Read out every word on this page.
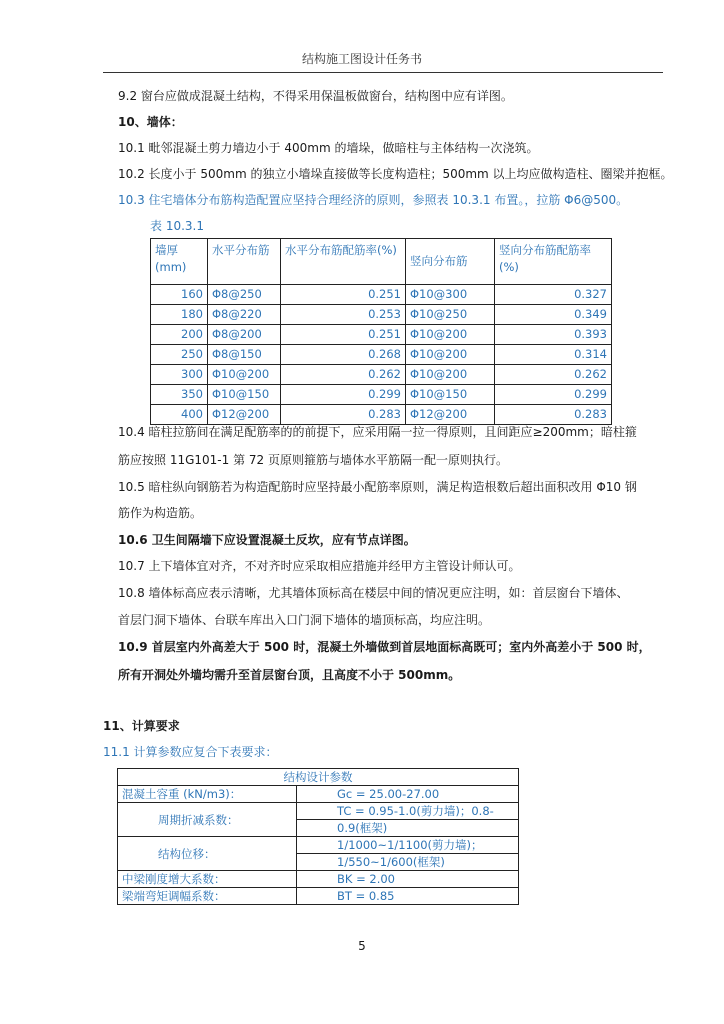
结构施工图设计任务书
9.2 窗台应做成混凝土结构，不得采用保温板做窗台，结构图中应有详图。
10、墙体：
10.1 毗邻混凝土剪力墙边小于 400mm 的墙垛，做暗柱与主体结构一次浇筑。
10.2 长度小于 500mm 的独立小墙垛直接做等长度构造柱；500mm 以上均应做构造柱、圈梁并抱框。
10.3 住宅墙体分布筋构造配置应坚持合理经济的原则，参照表 10.3.1 布置。，拉筋 Φ6@500。
表 10.3.1
墙厚(mm)	水平分布筋	水平分布筋配筋率(%)	竖向分布筋	竖向分布筋配筋率(%)
160	Φ8@250	0.251	Φ10@300	0.327
180	Φ8@220	0.253	Φ10@250	0.349
200	Φ8@200	0.251	Φ10@200	0.393
250	Φ8@150	0.268	Φ10@200	0.314
300	Φ10@200	0.262	Φ10@200	0.262
350	Φ10@150	0.299	Φ10@150	0.299
400	Φ12@200	0.283	Φ12@200	0.283
10.4 暗柱拉筋间在满足配筋率的的前提下，应采用隔一拉一得原则，且间距应≥200mm；暗柱箍
筋应按照 11G101-1 第 72 页原则箍筋与墙体水平筋隔一配一原则执行。
10.5 暗柱纵向钢筋若为构造配筋时应坚持最小配筋率原则，满足构造根数后超出面积改用 Φ10 钢
筋作为构造筋。
10.6 卫生间隔墙下应设置混凝土反坎，应有节点详图。
10.7 上下墙体宜对齐，不对齐时应采取相应措施并经甲方主管设计师认可。
10.8 墙体标高应表示清晰，尤其墙体顶标高在楼层中间的情况更应注明，如：首层窗台下墙体、
首层门洞下墙体、台联车库出入口门洞下墙体的墙顶标高，均应注明。
10.9 首层室内外高差大于 500 时，混凝土外墙做到首层地面标高既可；室内外高差小于 500 时，
所有开洞处外墙均需升至首层窗台顶，且高度不小于 500mm。
11、计算要求
11.1 计算参数应复合下表要求：
结构设计参数	
混凝土容重 (kN/m3)：	Gc = 25.00-27.00
周期折减系数：	TC = 0.95-1.0(剪力墙)；0.8-
	0.9(框架)
结构位移：	1/1000~1/1100(剪力墙)；
	1/550~1/600(框架)
中梁刚度增大系数：	BK = 2.00
梁端弯矩调幅系数：	BT = 0.85
5
